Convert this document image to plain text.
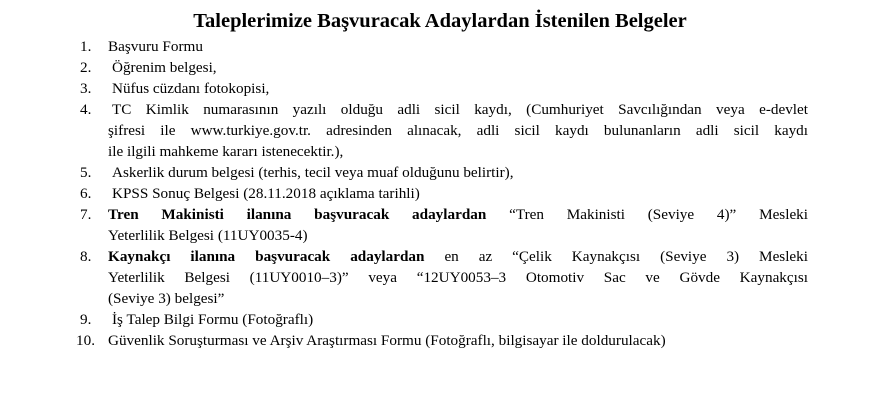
Taleplerimize Başvuracak Adaylardan İstenilen Belgeler
1.	Başvuru Formu
2.	Öğrenim belgesi,
3.	Nüfus cüzdanı fotokopisi,
4.	TC Kimlik numarasının yazılı olduğu adli sicil kaydı, (Cumhuriyet Savcılığından veya e-devlet
şifresi ile www.turkiye.gov.tr. adresinden alınacak, adli sicil kaydı bulunanların adli sicil kaydı
ile ilgili mahkeme kararı istenecektir.),
5.	Askerlik durum belgesi (terhis, tecil veya muaf olduğunu belirtir),
6.	KPSS Sonuç Belgesi (28.11.2018 açıklama tarihli)
7.	Tren Makinisti ilanına başvuracak adaylardan “Tren Makinisti (Seviye 4)” Mesleki
Yeterlilik Belgesi (11UY0035-4)
8.	Kaynakçı ilanına başvuracak adaylardan en az “Çelik Kaynakçısı (Seviye 3) Mesleki
Yeterlilik Belgesi (11UY0010–3)” veya “12UY0053–3 Otomotiv Sac ve Gövde Kaynakçısı
(Seviye 3) belgesi”
9.	İş Talep Bilgi Formu (Fotoğraflı)
10. Güvenlik Soruşturması ve Arşiv Araştırması Formu (Fotoğraflı, bilgisayar ile doldurulacak)
